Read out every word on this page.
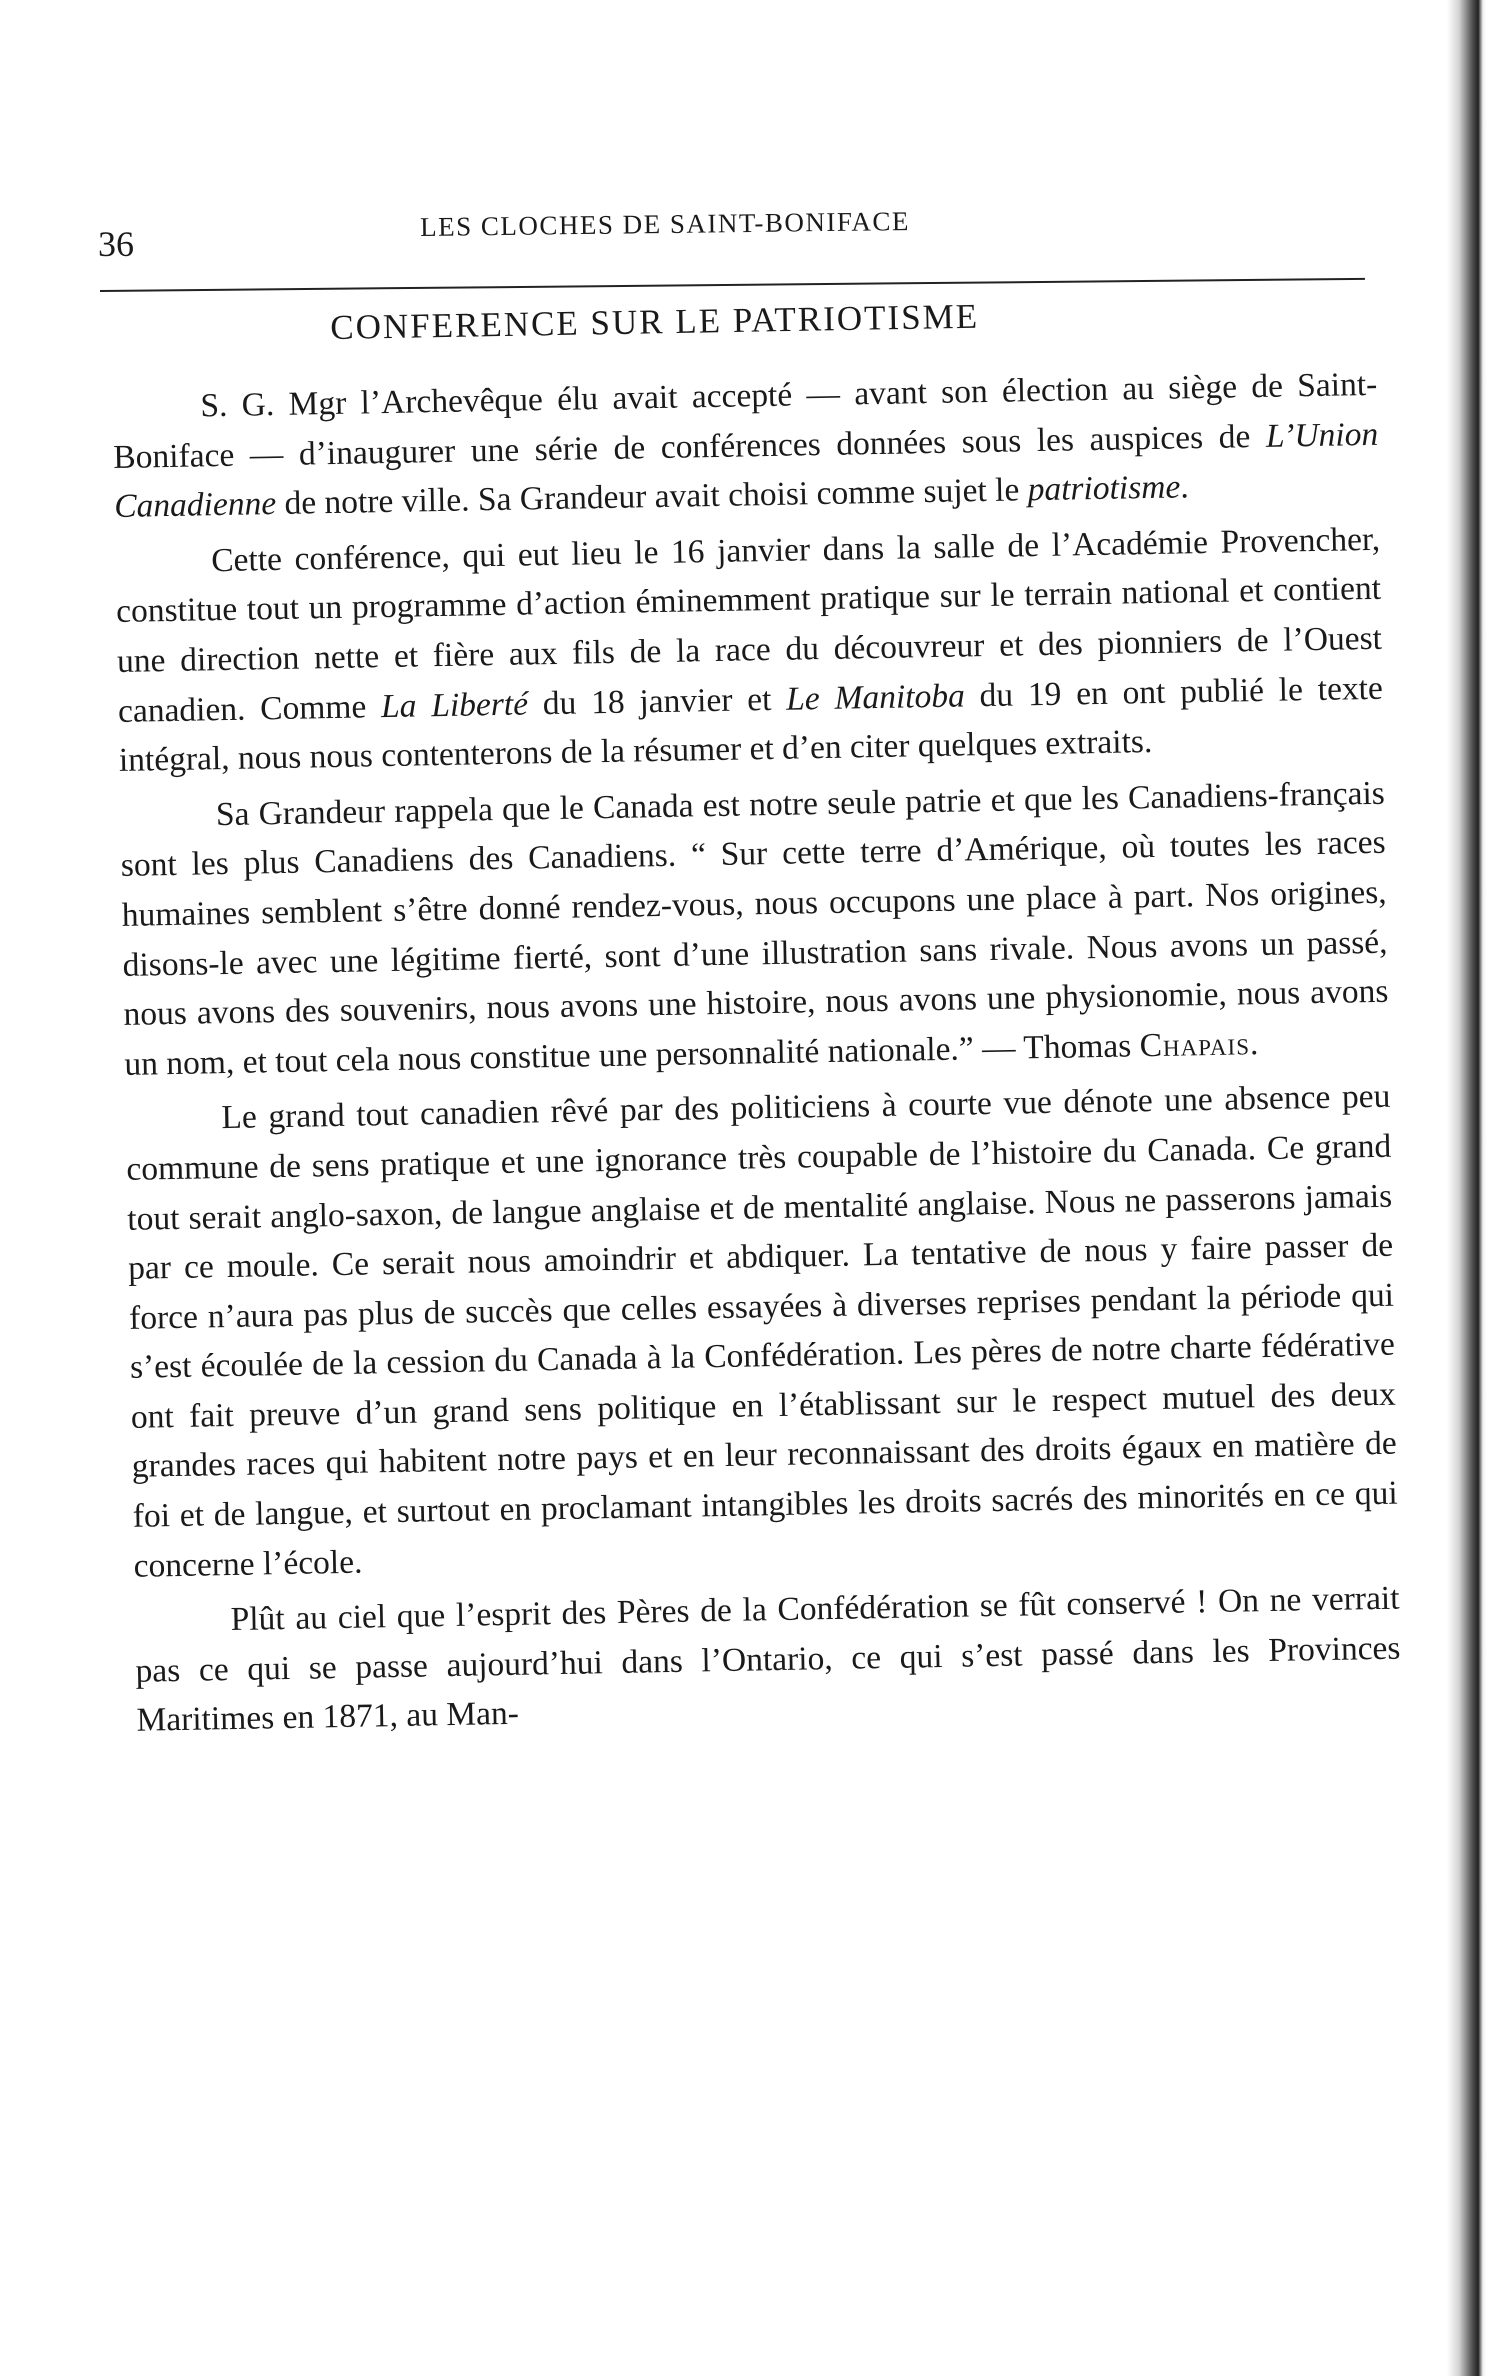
36	LES CLOCHES DE SAINT-BONIFACE
CONFERENCE SUR LE PATRIOTISME

S. G. Mgr l’Archevêque élu avait accepté — avant son élection au siège de Saint-Boniface — d’inaugurer une série de conférences données sous les auspices de L’Union Canadienne de notre ville. Sa Grandeur avait choisi comme sujet le patriotisme.

Cette conférence, qui eut lieu le 16 janvier dans la salle de l’Académie Provencher, constitue tout un programme d’action éminemment pratique sur le terrain national et contient une direction nette et fière aux fils de la race du découvreur et des pionniers de l’Ouest canadien. Comme La Liberté du 18 janvier et Le Manitoba du 19 en ont publié le texte intégral, nous nous contenterons de la résumer et d’en citer quelques extraits.

Sa Grandeur rappela que le Canada est notre seule patrie et que les Canadiens-français sont les plus Canadiens des Canadiens. “ Sur cette terre d’Amérique, où toutes les races humaines semblent s’être donné rendez-vous, nous occupons une place à part. Nos origines, disons-le avec une légitime fierté, sont d’une illustration sans rivale. Nous avons un passé, nous avons des souvenirs, nous avons une histoire, nous avons une physionomie, nous avons un nom, et tout cela nous constitue une personnalité nationale.” — Thomas Chapais.

Le grand tout canadien rêvé par des politiciens à courte vue dénote une absence peu commune de sens pratique et une ignorance très coupable de l’histoire du Canada. Ce grand tout serait anglo-saxon, de langue anglaise et de mentalité anglaise. Nous ne passerons jamais par ce moule. Ce serait nous amoindrir et abdiquer. La tentative de nous y faire passer de force n’aura pas plus de succès que celles essayées à diverses reprises pendant la période qui s’est écoulée de la cession du Canada à la Confédération. Les pères de notre charte fédérative ont fait preuve d’un grand sens politique en l’établissant sur le respect mutuel des deux grandes races qui habitent notre pays et en leur reconnaissant des droits égaux en matière de foi et de langue, et surtout en proclamant intangibles les droits sacrés des minorités en ce qui concerne l’école.

Plût au ciel que l’esprit des Pères de la Confédération se fût conservé ! On ne verrait pas ce qui se passe aujourd’hui dans l’Ontario, ce qui s’est passé dans les Provinces Maritimes en 1871, au Man-
